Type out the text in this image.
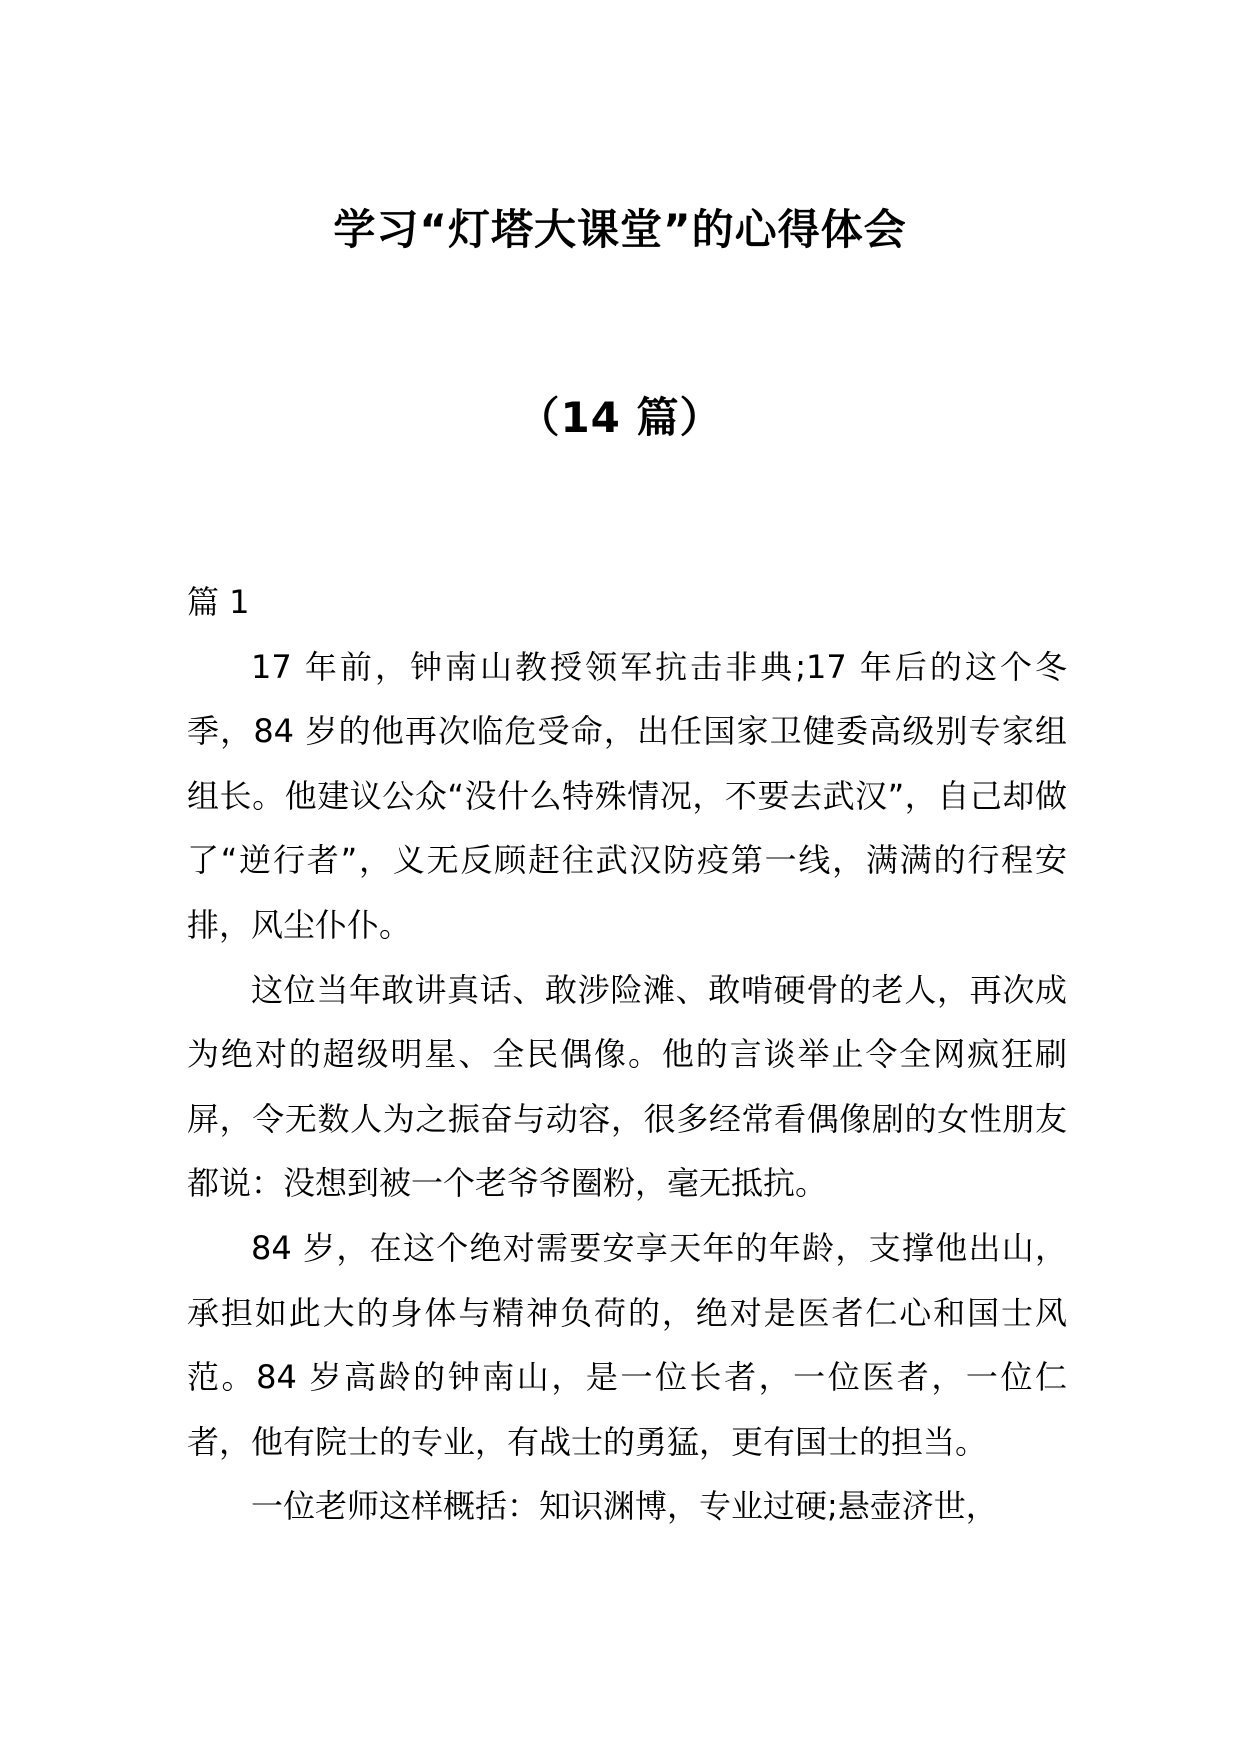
学习“灯塔大课堂”的心得体会
（14 篇）

篇 1

17 年前，钟南山教授领军抗击非典;17 年后的这个冬季，84 岁的他再次临危受命，出任国家卫健委高级别专家组组长。他建议公众“没什么特殊情况，不要去武汉”，自己却做了“逆行者”，义无反顾赶往武汉防疫第一线，满满的行程安排，风尘仆仆。

这位当年敢讲真话、敢涉险滩、敢啃硬骨的老人，再次成为绝对的超级明星、全民偶像。他的言谈举止令全网疯狂刷屏，令无数人为之振奋与动容，很多经常看偶像剧的女性朋友都说：没想到被一个老爷爷圈粉，毫无抵抗。

84 岁，在这个绝对需要安享天年的年龄，支撑他出山，承担如此大的身体与精神负荷的，绝对是医者仁心和国士风范。84 岁高龄的钟南山，是一位长者，一位医者，一位仁者，他有院士的专业，有战士的勇猛，更有国士的担当。

一位老师这样概括：知识渊博，专业过硬;悬壶济世，
